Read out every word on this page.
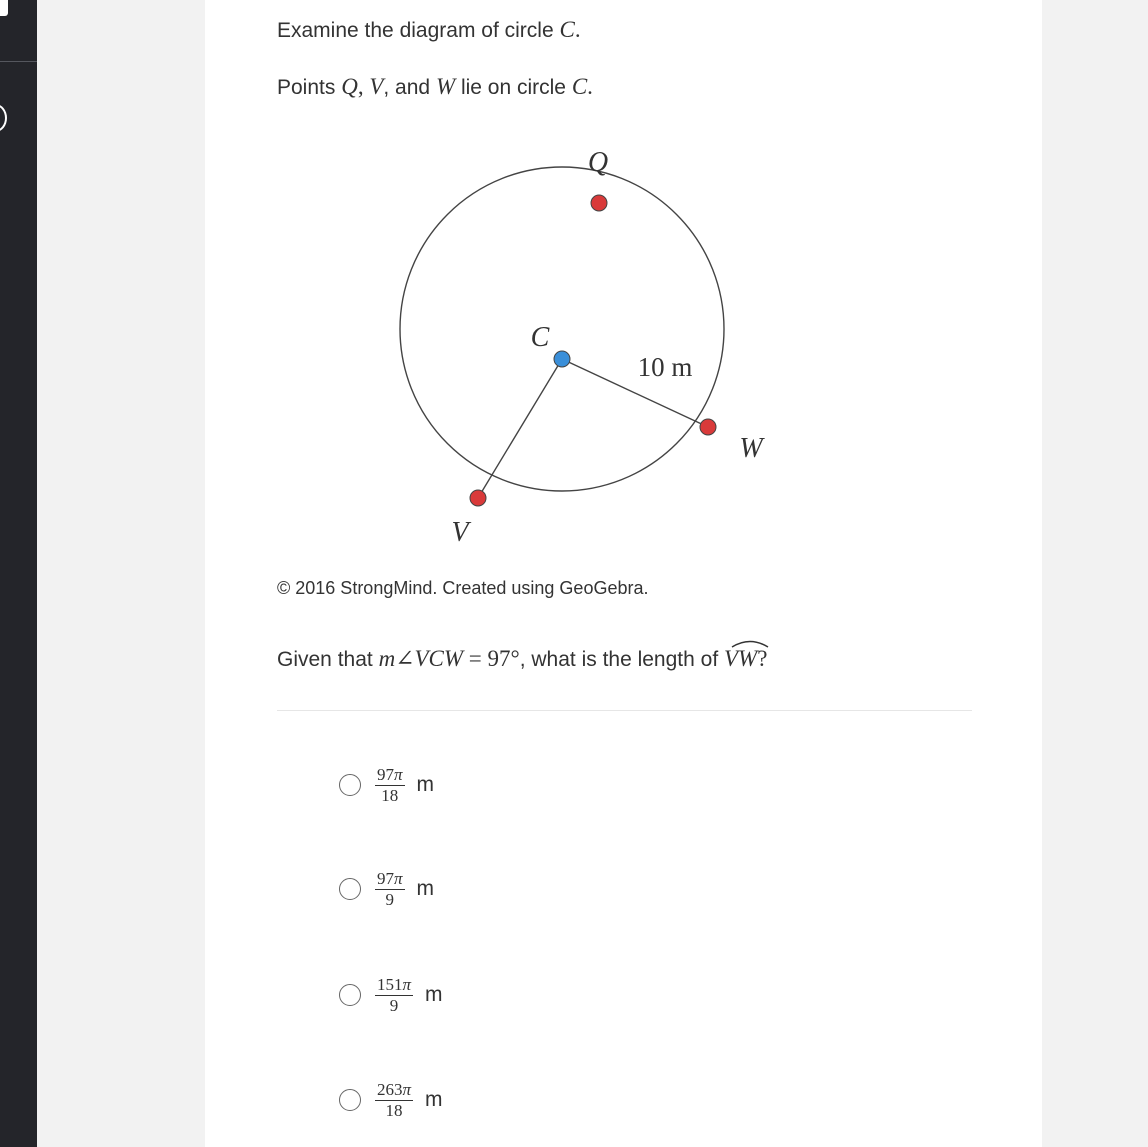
Examine the diagram of circle C.
Points Q, V, and W lie on circle C.
Q
C
10 m
W
V
© 2016 StrongMind. Created using GeoGebra.
Given that m∠VCW = 97°, what is the length of
VW?
$\frac{97\pi}{18}$ m
$\frac{97\pi}{9}$ m
$\frac{151\pi}{9}$ m
$\frac{263\pi}{18}$ m
